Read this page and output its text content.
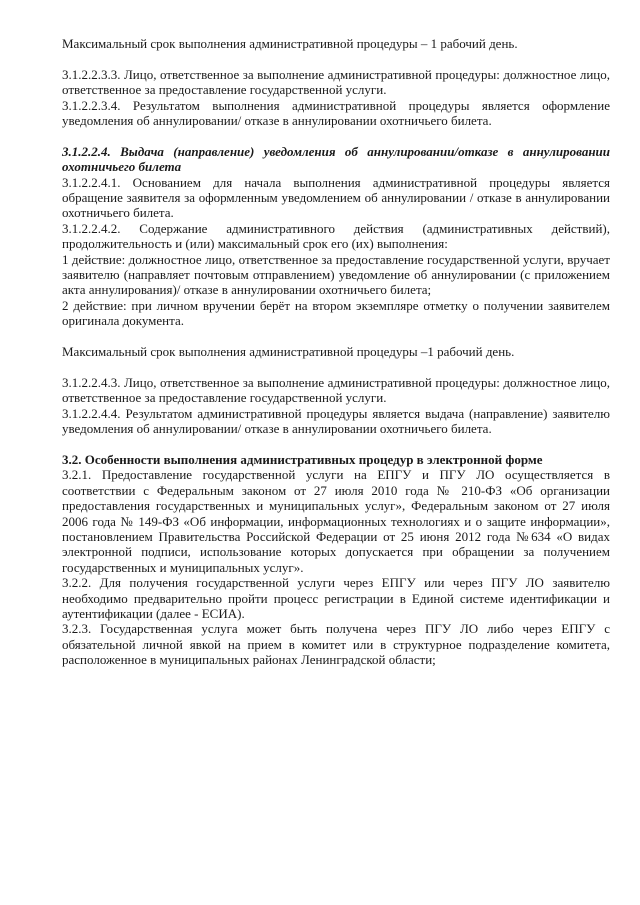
Максимальный срок выполнения административной процедуры – 1 рабочий день.

3.1.2.2.3.3. Лицо, ответственное за выполнение административной процедуры: должностное лицо, ответственное за предоставление государственной услуги.

3.1.2.2.3.4. Результатом выполнения административной процедуры является оформление уведомления об аннулировании/ отказе в аннулировании охотничьего билета.

3.1.2.2.4. Выдача (направление) уведомления об аннулировании/отказе в аннулировании охотничьего билета

3.1.2.2.4.1. Основанием для начала выполнения административной процедуры является обращение заявителя за оформленным уведомлением об аннулировании / отказе в аннулировании охотничьего билета.

3.1.2.2.4.2. Содержание административного действия (административных действий), продолжительность и (или) максимальный срок его (их) выполнения:

1 действие: должностное лицо, ответственное за предоставление государственной услуги, вручает заявителю (направляет почтовым отправлением) уведомление об аннулировании (с приложением акта аннулирования)/ отказе в аннулировании охотничьего билета;

2 действие: при личном вручении берёт на втором экземпляре отметку о получении заявителем оригинала документа.

Максимальный срок выполнения административной процедуры –1 рабочий день.

3.1.2.2.4.3. Лицо, ответственное за выполнение административной процедуры: должностное лицо, ответственное за предоставление государственной услуги.

3.1.2.2.4.4. Результатом административной процедуры является выдача (направление) заявителю уведомления об аннулировании/ отказе в аннулировании охотничьего билета.

3.2. Особенности выполнения административных процедур в электронной форме

3.2.1. Предоставление государственной услуги на ЕПГУ и ПГУ ЛО осуществляется в соответствии с Федеральным законом от 27 июля 2010 года № 210-ФЗ «Об организации предоставления государственных и муниципальных услуг», Федеральным законом от 27 июля 2006 года № 149-ФЗ «Об информации, информационных технологиях и о защите информации», постановлением Правительства Российской Федерации от 25 июня 2012 года №634 «О видах электронной подписи, использование которых допускается при обращении за получением государственных и муниципальных услуг».

3.2.2. Для получения государственной услуги через ЕПГУ или через ПГУ ЛО заявителю необходимо предварительно пройти процесс регистрации в Единой системе идентификации и аутентификации (далее - ЕСИА).

3.2.3. Государственная услуга может быть получена через ПГУ ЛО либо через ЕПГУ с обязательной личной явкой на прием в комитет или в структурное подразделение комитета, расположенное в муниципальных районах Ленинградской области;
